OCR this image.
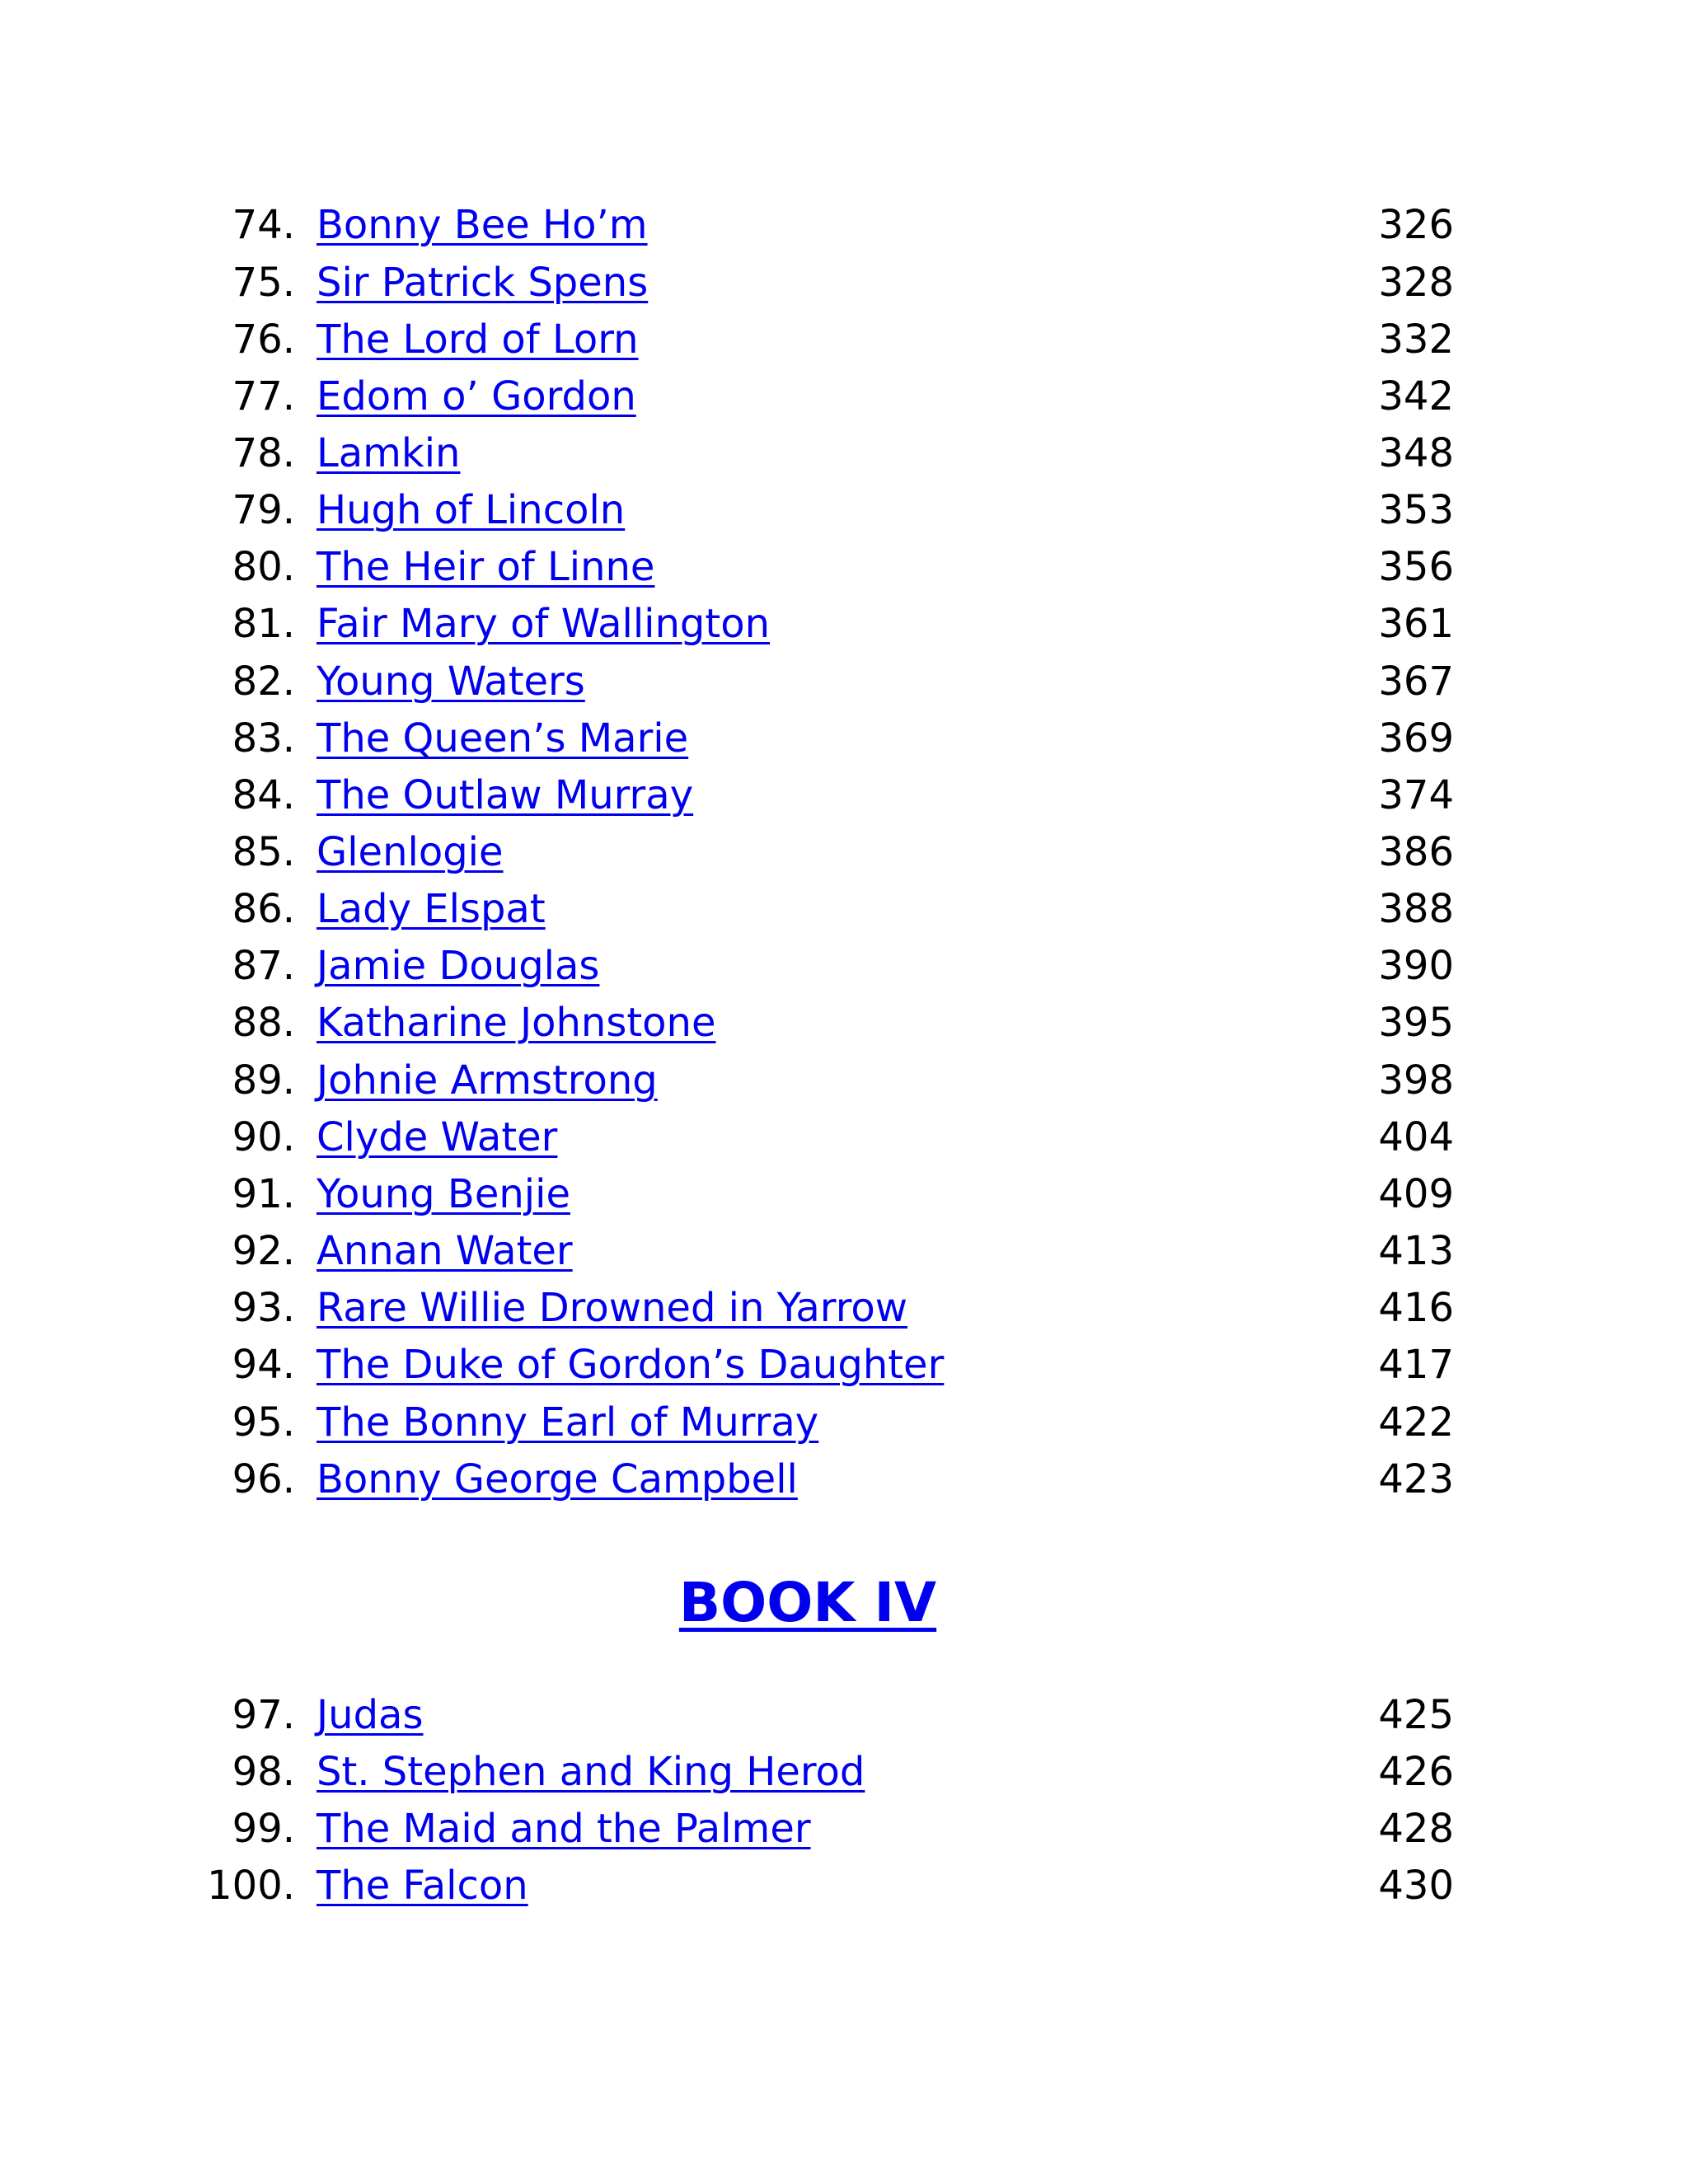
74. Bonny Bee Ho’m	326
75. Sir Patrick Spens	328
76. The Lord of Lorn	332
77. Edom o’ Gordon	342
78. Lamkin	348
79. Hugh of Lincoln	353
80. The Heir of Linne	356
81. Fair Mary of Wallington	361
82. Young Waters	367
83. The Queen’s Marie	369
84. The Outlaw Murray	374
85. Glenlogie	386
86. Lady Elspat	388
87. Jamie Douglas	390
88. Katharine Johnstone	395
89. Johnie Armstrong	398
90. Clyde Water	404
91. Young Benjie	409
92. Annan Water	413
93. Rare Willie Drowned in Yarrow	416
94. The Duke of Gordon’s Daughter	417
95. The Bonny Earl of Murray	422
96. Bonny George Campbell	423
BOOK IV
97. Judas	425
98. St. Stephen and King Herod	426
99. The Maid and the Palmer	428
100. The Falcon	430
